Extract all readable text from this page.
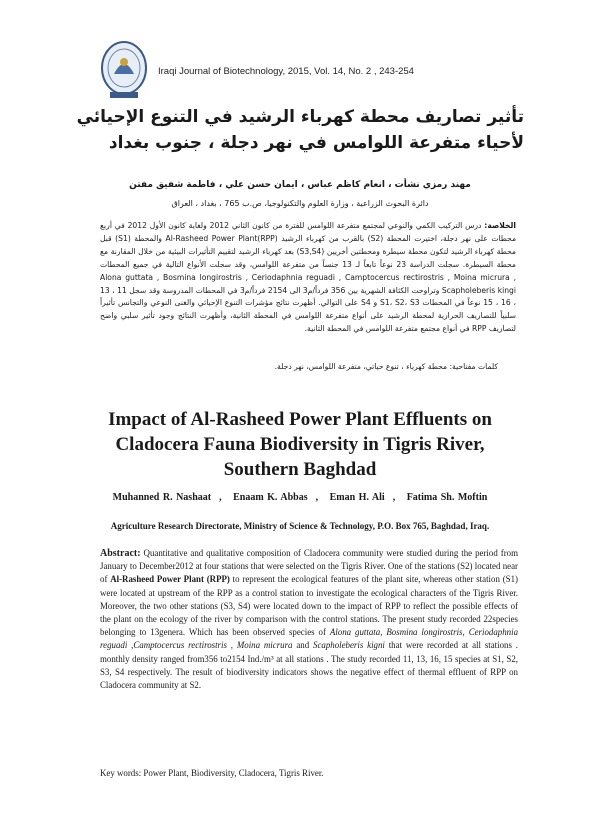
Iraqi Journal of Biotechnology, 2015, Vol. 14, No. 2 , 243-254
تأثير تصاريف محطة كهرباء الرشيد في التنوع الإحيائي لأحياء متفرعة اللوامس في نهر دجلة ، جنوب بغداد
مهند رمزي نشأت ، انعام كاظم عباس ، ايمان حسن علي ، فاطمة شفيق مفتن
دائرة البحوث الزراعية ، وزارة العلوم والتكنولوجيا، ص.ب 765 ، بغداد ، العراق
الخلاصة: درس التركيب الكمي والنوعي لمجتمع متفرعة اللوامس للفترة من كانون الثاني 2012 ولغاية كانون الأول 2012 في أربع محطات على نهر دجلة، اختيرت المحطة (S2) بالقرب من كهرباء الرشيد Al-Rasheed Power Plant(RPP) والمحطة (S1) قبل محطة كهرباء الرشيد لتكون محطة سيطرة ومحطتين أخريين (S3,S4) بعد كهرباء الرشيد لتقييم التأثيرات البيئية من خلال المقارنة مع محطة السيطرة. سجلت الدراسة 23 نوعاً تابعاً لـ 13 جنساً من متفرعة اللوامس، وقد سجلت الأنواع التالية في جميع المحطات Alona guttata , Bosmina longirostris , Ceriodaphnia reguadi , Camptocercus rectirostris , Moina micrura , Scapholeberis kingi وتراوحت الكثافة الشهرية بين 356 فرداً/م3 الى 2154 فرداً/م3 في المحطات المدروسة وقد سجل 11 ، 13 ، 16 ، 15 نوعاً في المحطات S1، S2، S3 و S4 على التوالي. أظهرت نتائج مؤشرات التنوع الإحيائي والغنى النوعي والتجانس تأثيراً سلبياً للتصاريف الحرارية لمحطة الرشيد على أنواع متفرعة اللوامس في المحطة الثانية، وأظهرت النتائج وجود تأثير سلبي واضح لتصاريف RPP في أنواع مجتمع متفرعة اللوامس في المحطة الثانية.
كلمات مفتاحية: محطة كهرباء ، تنوع حياتي، متفرعة اللوامس، نهر دجلة.
Impact of Al-Rasheed Power Plant Effluents on
Cladocera Fauna Biodiversity in Tigris River,
Southern Baghdad
Muhanned R. Nashaat , Enaam K. Abbas , Eman H. Ali , Fatima Sh. Moftin
Agriculture Research Directorate, Ministry of Science & Technology, P.O. Box 765, Baghdad, Iraq.
Abstract: Quantitative and qualitative composition of Cladocera community were studied during the period from January to December2012 at four stations that were selected on the Tigris River. One of the stations (S2) located near of Al-Rasheed Power Plant (RPP) to represent the ecological features of the plant site, whereas other station (S1) were located at upstream of the RPP as a control station to investigate the ecological characters of the Tigris River. Moreover, the two other stations (S3, S4) were located down to the impact of RPP to reflect the possible effects of the plant on the ecology of the river by comparison with the control stations. The present study recorded 22species belonging to 13genera. Which has been observed species of Alona guttata, Bosmina longirostris, Ceriodaphnia reguadi ,Camptocercus rectirostris , Moina micrura and Scapholeberis kigni that were recorded at all stations . monthly density ranged from356 to2154 Ind./m³ at all stations . The study recorded 11, 13, 16, 15 species at S1, S2, S3, S4 respectively. The result of biodiversity indicators shows the negative effect of thermal effluent of RPP on Cladocera community at S2.
Key words: Power Plant, Biodiversity, Cladocera, Tigris River.
